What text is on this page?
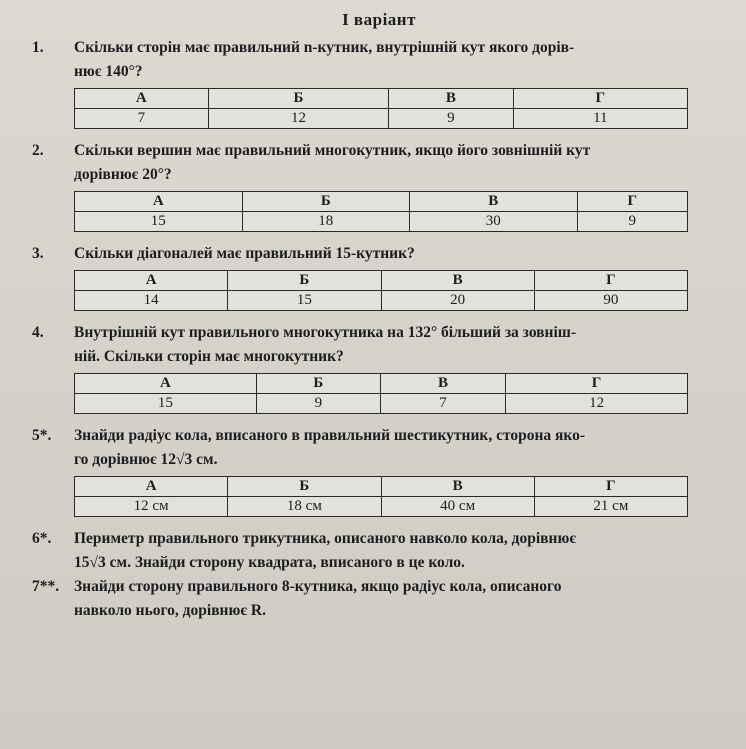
І варіант
1. Скільки сторін має правильний n-кутник, внутрішній кут якого дорів-
нює 140°?
А	Б	В	Г
7	12	9	11
2. Скільки вершин має правильний многокутник, якщо його зовнішній кут
дорівнює 20°?
А	Б	В	Г
15	18	30	9
3. Скільки діагоналей має правильний 15-кутник?
А	Б	В	Г
14	15	20	90
4. Внутрішній кут правильного многокутника на 132° більший за зовніш-
ній. Скільки сторін має многокутник?
А	Б	В	Г
15	9	7	12
5*. Знайди радіус кола, вписаного в правильний шестикутник, сторона яко-
го дорівнює 12√3 см.
А	Б	В	Г
12 см	18 см	40 см	21 см
6*. Периметр правильного трикутника, описаного навколо кола, дорівнює
15√3 см. Знайди сторону квадрата, вписаного в це коло.
7**. Знайди сторону правильного 8-кутника, якщо радіус кола, описаного
навколо нього, дорівнює R.
